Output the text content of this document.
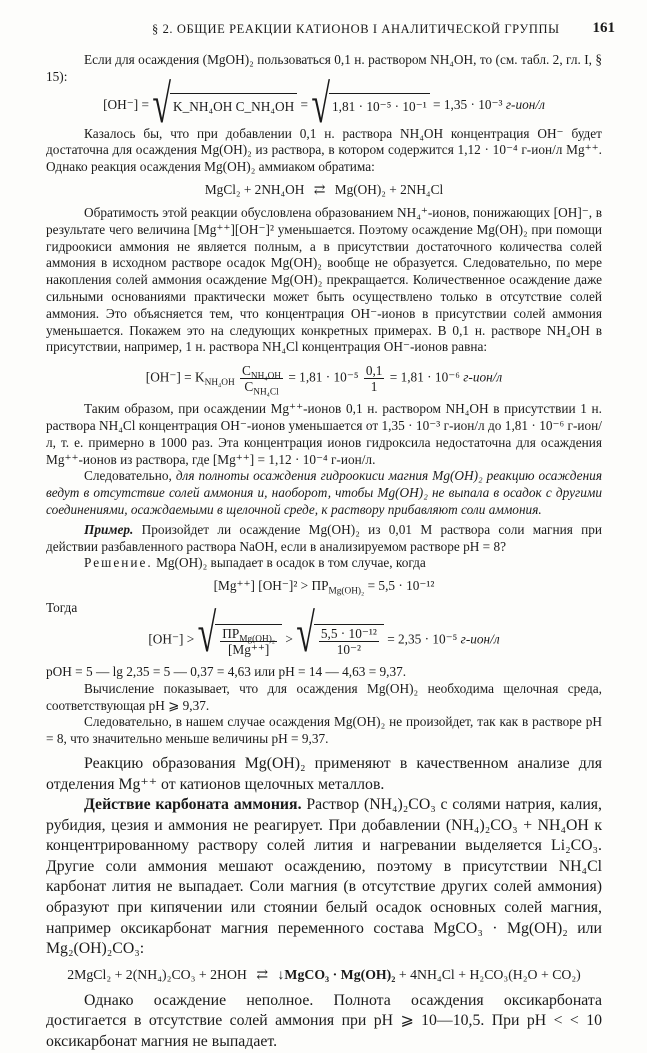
§ 2. ОБЩИЕ РЕАКЦИИ КАТИОНОВ I АНАЛИТИЧЕСКОЙ ГРУППЫ 161

Если для осаждения (MgOH)₂ пользоваться 0,1 н. раствором NH₄OH, то (см. табл. 2, гл. I, § 15):

[OH⁻] = √ K_NH₄OH C_NH₄OH = √ 1,81 · 10⁻⁵ · 10⁻¹ = 1,35 · 10⁻³ г-ион/л

Казалось бы, что при добавлении 0,1 н. раствора NH₄OH концентрация OH⁻ будет достаточна для осаждения Mg(OH)₂ из раствора, в котором содержится 1,12 · 10⁻⁴ г-ион/л Mg⁺⁺. Однако реакция осаждения Mg(OH)₂ аммиаком обратима:

MgCl₂ + 2NH₄OH ⇄ Mg(OH)₂ + 2NH₄Cl

Обратимость этой реакции обусловлена образованием NH₄⁺-ионов, понижающих [OH]⁻, в результате чего величина [Mg⁺⁺][OH⁻]² уменьшается. Поэтому осаждение Mg(OH)₂ при помощи гидроокиси аммония не является полным, а в присутствии достаточного количества солей аммония в исходном растворе осадок Mg(OH)₂ вообще не образуется. Следовательно, по мере накопления солей аммония осаждение Mg(OH)₂ прекращается. Количественное осаждение даже сильными основаниями практически может быть осуществлено только в отсутствие солей аммония. Это объясняется тем, что концентрация OH⁻-ионов в присутствии солей аммония уменьшается. Покажем это на следующих конкретных примерах. В 0,1 н. растворе NH₄OH в присутствии, например, 1 н. раствора NH₄Cl концентрация OH⁻-ионов равна:

$[OH^-] = K_{NH_4OH} \frac{C_{NH_4OH}}{C_{NH_4Cl}} = 1,81 \cdot 10^{-5} \frac{0,1}{1} = 1,81 \cdot 10^{-6}$ г-ион/л

Таким образом, при осаждении Mg⁺⁺-ионов 0,1 н. раствором NH₄OH в присутствии 1 н. раствора NH₄Cl концентрация OH⁻-ионов уменьшается от 1,35 · 10⁻³ г-ион/л до 1,81 · 10⁻⁶ г-ион/л, т. е. примерно в 1000 раз. Эта концентрация ионов гидроксила недостаточна для осаждения Mg⁺⁺-ионов из раствора, где [Mg⁺⁺] = 1,12 · 10⁻⁴ г-ион/л.

Следовательно, для полноты осаждения гидроокиси магния Mg(OH)₂ реакцию осаждения ведут в отсутствие солей аммония и, наоборот, чтобы Mg(OH)₂ не выпала в осадок с другими соединениями, осаждаемыми в щелочной среде, к раствору прибавляют соли аммония.

Пример. Произойдет ли осаждение Mg(OH)₂ из 0,01 M раствора соли магния при действии разбавленного раствора NaOH, если в анализируемом растворе pH = 8?

Решение. Mg(OH)₂ выпадает в осадок в том случае, когда

[Mg⁺⁺] $[OH^-]^2 > ПР_{Mg(OH)_2} = 5,5 \cdot 10^{-12}$

Тогда

[OH⁻] > √ $\frac{ПР_{Mg(OH)_2}}{[Mg^{++}]}$ > √ $\frac{\text{5,5 · 10⁻¹²}}{\text{10⁻²}} = 2,35 \cdot 10^{-5}$ г-ион/л

pOH = 5 — lg 2,35 = 5 — 0,37 = 4,63 или pH = 14 — 4,63 = 9,37.

Вычисление показывает, что для осаждения Mg(OH)₂ необходима щелочная среда, соответствующая pH ⩾ 9,37.

Следовательно, в нашем случае осаждения Mg(OH)₂ не произойдет, так как в растворе pH = 8, что значительно меньше величины pH = 9,37.

Реакцию образования Mg(OH)₂ применяют в качественном анализе для отделения Mg⁺⁺ от катионов щелочных металлов.

Действие карбоната аммония. Раствор (NH₄)₂CO₃ с солями натрия, калия, рубидия, цезия и аммония не реагирует. При добавлении (NH₄)₂CO₃ + NH₄OH к концентрированному раствору солей лития и нагревании выделяется Li₂CO₃. Другие соли аммония мешают осаждению, поэтому в присутствии NH₄Cl карбонат лития не выпадает. Соли магния (в отсутствие других солей аммония) образуют при кипячении или стоянии белый осадок основных солей магния, например оксикарбонат магния переменного состава MgCO₃ · Mg(OH)₂ или Mg₂(OH)₂CO₃:

2MgCl₂ + 2(NH₄)₂CO₃ + 2HOH ⇄ ↓MgCO₃ · Mg(OH)₂ + 4NH₄Cl + H₂CO₃(H₂O + CO₂)

Однако осаждение неполное. Полнота осаждения оксикарбоната достигается в отсутствие солей аммония при pH ⩾ 10—10,5. При pH < < 10 оксикарбонат магния не выпадает.
